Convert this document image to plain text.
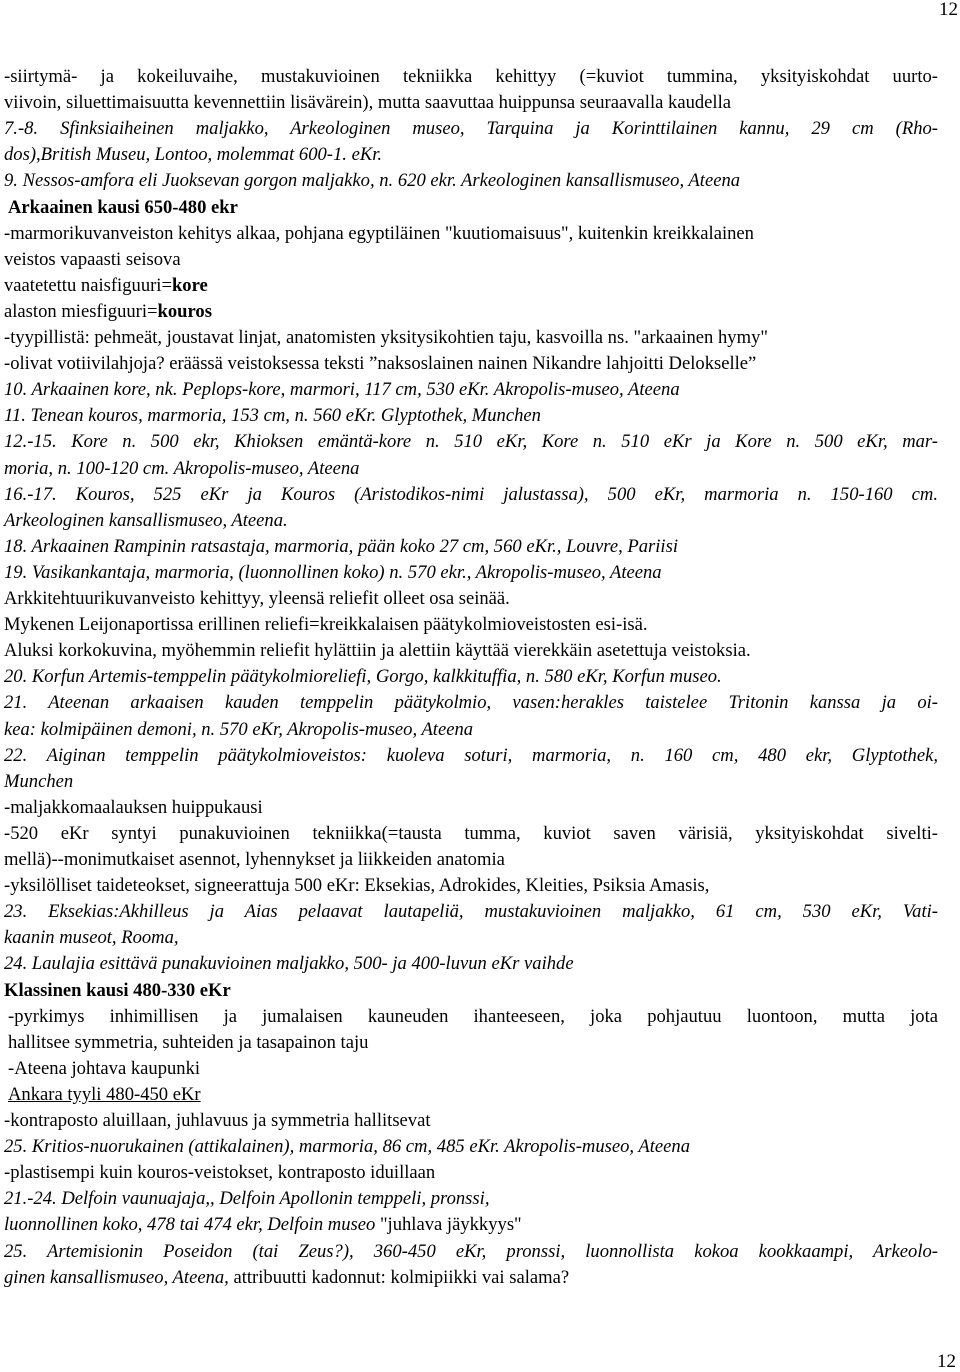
12
-siirtymä- ja kokeiluvaihe, mustakuvioinen tekniikka kehittyy (=kuviot tummina, yksityiskohdat uurto-
viivoin, siluettimaisuutta kevennettiin lisävärein), mutta saavuttaa huippunsa seuraavalla kaudella
7.-8. Sfinksiaiheinen maljakko, Arkeologinen museo, Tarquina ja Korinttilainen kannu, 29 cm (Rho-
dos),British Museu, Lontoo, molemmat 600-1. eKr.
9. Nessos-amfora eli Juoksevan gorgon maljakko, n. 620 ekr. Arkeologinen kansallismuseo, Ateena
Arkaainen kausi 650-480 ekr
-marmorikuvanveiston kehitys alkaa, pohjana egyptiläinen "kuutiomaisuus", kuitenkin kreikkalainen
veistos vapaasti seisova
vaatetettu naisfiguuri=kore
alaston miesfiguuri=kouros
-tyypillistä: pehmeät, joustavat linjat, anatomisten yksitysikohtien taju, kasvoilla ns. "arkaainen hymy"
-olivat votiivilahjoja? eräässä veistoksessa teksti ”naksoslainen nainen Nikandre lahjoitti Delokselle”
10. Arkaainen kore, nk. Peplops-kore, marmori, 117 cm, 530 eKr. Akropolis-museo, Ateena
11. Tenean kouros, marmoria, 153 cm, n. 560 eKr. Glyptothek, Munchen
12.-15. Kore n. 500 ekr, Khioksen emäntä-kore n. 510 eKr, Kore n. 510 eKr ja Kore n. 500 eKr, mar-
moria, n. 100-120 cm. Akropolis-museo, Ateena
16.-17. Kouros, 525 eKr ja Kouros (Aristodikos-nimi jalustassa), 500 eKr, marmoria n. 150-160 cm.
Arkeologinen kansallismuseo, Ateena.
18. Arkaainen Rampinin ratsastaja, marmoria, pään koko 27 cm, 560 eKr., Louvre, Pariisi
19. Vasikankantaja, marmoria, (luonnollinen koko) n. 570 ekr., Akropolis-museo, Ateena
Arkkitehtuurikuvanveisto kehittyy, yleensä reliefit olleet osa seinää.
Mykenen Leijonaportissa erillinen reliefi=kreikkalaisen päätykolmioveistosten esi-isä.
Aluksi korkokuvina, myöhemmin reliefit hylättiin ja alettiin käyttää vierekkäin asetettuja veistoksia.
20. Korfun Artemis-temppelin päätykolmioreliefi, Gorgo, kalkkituffia, n. 580 eKr, Korfun museo.
21. Ateenan arkaaisen kauden temppelin päätykolmio, vasen:herakles taistelee Tritonin kanssa ja oi-
kea: kolmipäinen demoni, n. 570 eKr, Akropolis-museo, Ateena
22. Aiginan temppelin päätykolmioveistos: kuoleva soturi, marmoria, n. 160 cm, 480 ekr, Glyptothek,
Munchen
-maljakkomaalauksen huippukausi
-520 eKr syntyi punakuvioinen tekniikka(=tausta tumma, kuviot saven värisiä, yksityiskohdat sivelti-
mellä)--monimutkaiset asennot, lyhennykset ja liikkeiden anatomia
-yksilölliset taideteokset, signeerattuja 500 eKr: Eksekias, Adrokides, Kleities, Psiksia Amasis,
23. Eksekias:Akhilleus ja Aias pelaavat lautapeliä, mustakuvioinen maljakko, 61 cm, 530 eKr, Vati-
kaanin museot, Rooma,
24. Laulajia esittävä punakuvioinen maljakko, 500- ja 400-luvun eKr vaihde
Klassinen kausi 480-330 eKr
-pyrkimys inhimillisen ja jumalaisen kauneuden ihanteeseen, joka pohjautuu luontoon, mutta jota
hallitsee symmetria, suhteiden ja tasapainon taju
-Ateena johtava kaupunki
Ankara tyyli 480-450 eKr
-kontraposto aluillaan, juhlavuus ja symmetria hallitsevat
25. Kritios-nuorukainen (attikalainen), marmoria, 86 cm, 485 eKr. Akropolis-museo, Ateena
-plastisempi kuin kouros-veistokset, kontraposto iduillaan
21.-24. Delfoin vaunuajaja,, Delfoin Apollonin temppeli, pronssi,
luonnollinen koko, 478 tai 474 ekr, Delfoin museo "juhlava jäykkyys"
25. Artemisionin Poseidon (tai Zeus?), 360-450 eKr, pronssi, luonnollista kokoa kookkaampi, Arkeolo-
ginen kansallismuseo, Ateena, attribuutti kadonnut: kolmipiikki vai salama?
12
